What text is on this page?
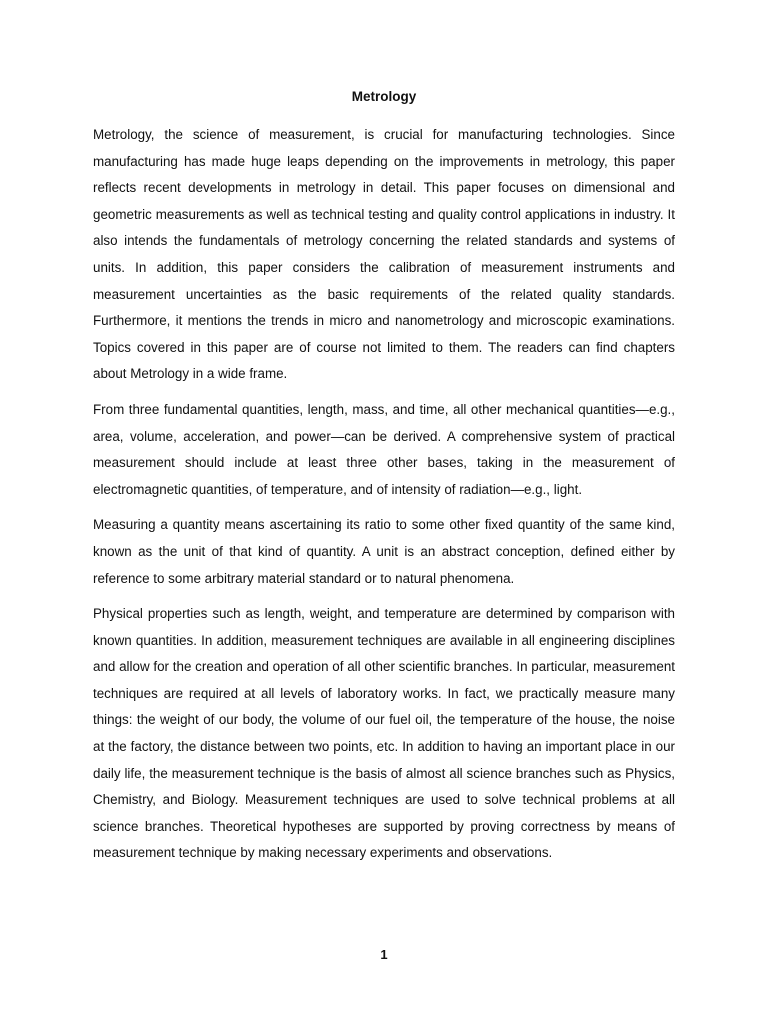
Metrology

Metrology, the science of measurement, is crucial for manufacturing technologies. Since manufacturing has made huge leaps depending on the improvements in metrology, this paper reflects recent developments in metrology in detail. This paper focuses on dimensional and geometric measurements as well as technical testing and quality control applications in industry. It also intends the fundamentals of metrology concerning the related standards and systems of units. In addition, this paper considers the calibration of measurement instruments and measurement uncertainties as the basic requirements of the related quality standards. Furthermore, it mentions the trends in micro and nanometrology and microscopic examinations. Topics covered in this paper are of course not limited to them. The readers can find chapters about Metrology in a wide frame.

From three fundamental quantities, length, mass, and time, all other mechanical quantities—e.g., area, volume, acceleration, and power—can be derived. A comprehensive system of practical measurement should include at least three other bases, taking in the measurement of electromagnetic quantities, of temperature, and of intensity of radiation—e.g., light.

Measuring a quantity means ascertaining its ratio to some other fixed quantity of the same kind, known as the unit of that kind of quantity. A unit is an abstract conception, defined either by reference to some arbitrary material standard or to natural phenomena.

Physical properties such as length, weight, and temperature are determined by comparison with known quantities. In addition, measurement techniques are available in all engineering disciplines and allow for the creation and operation of all other scientific branches. In particular, measurement techniques are required at all levels of laboratory works. In fact, we practically measure many things: the weight of our body, the volume of our fuel oil, the temperature of the house, the noise at the factory, the distance between two points, etc. In addition to having an important place in our daily life, the measurement technique is the basis of almost all science branches such as Physics, Chemistry, and Biology. Measurement techniques are used to solve technical problems at all science branches. Theoretical hypotheses are supported by proving correctness by means of measurement technique by making necessary experiments and observations.

1
